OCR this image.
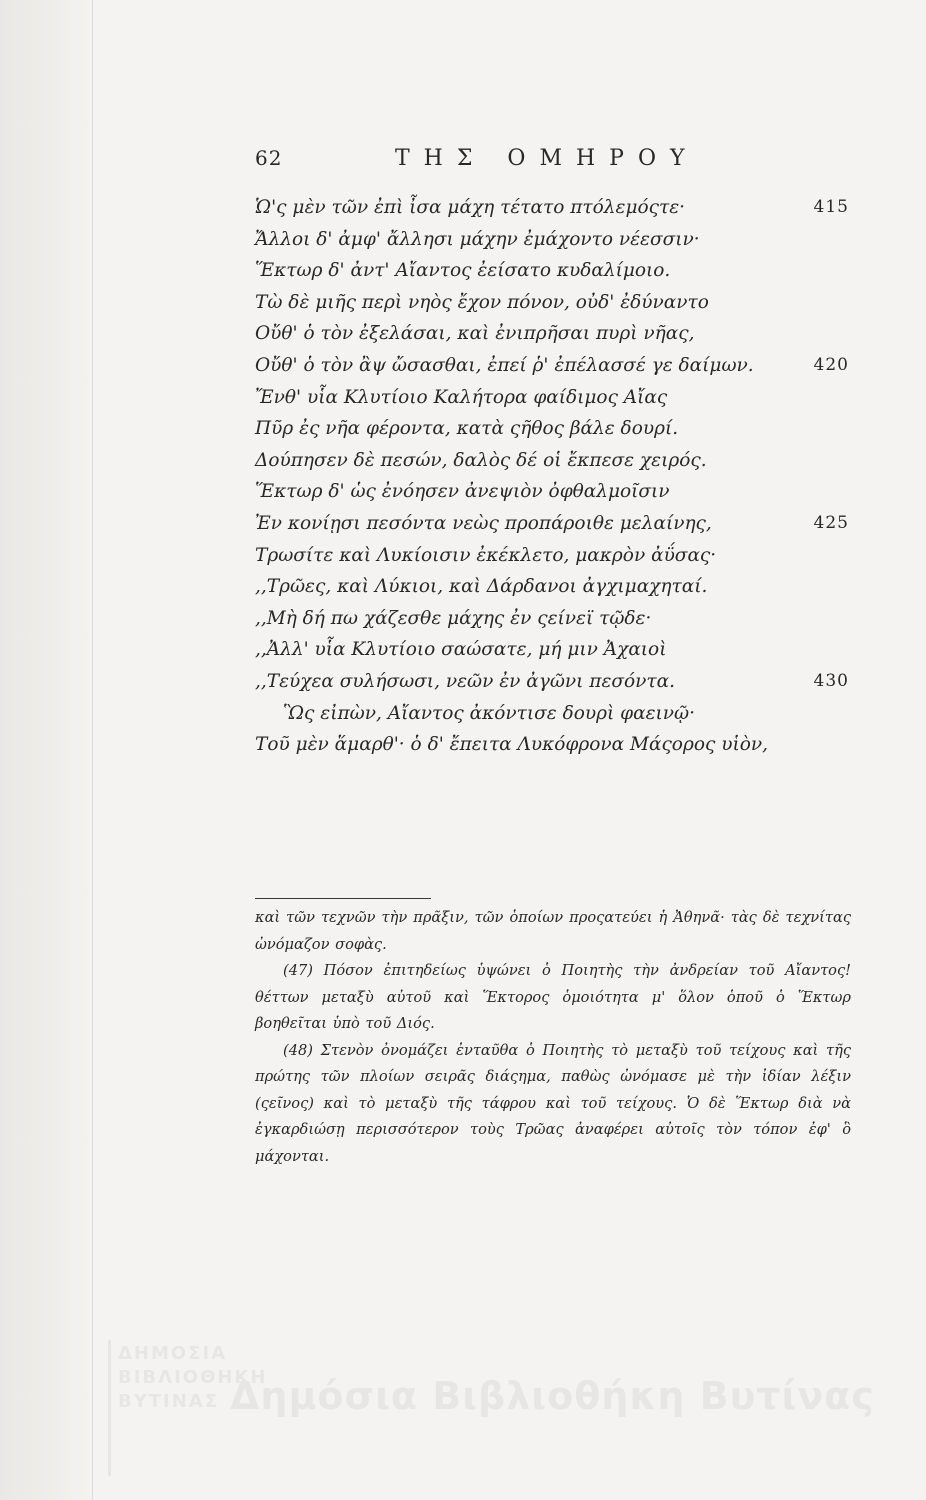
62	ΤΗΣ ΟΜΗΡΟΥ
Ὡ'ς μὲν τῶν ἐπὶ ἶσα μάχη τέτατο πτόλεμόςτε·	415
Ἄλλοι δ' ἀμφ' ἄλλησι μάχην ἐμάχοντο νέεσσιν·
Ἕκτωρ δ' ἀντ' Αἴαντος ἐείσατο κυδαλίμοιο.
Τὼ δὲ μιῆς περὶ νηὸς ἔχον πόνον, οὐδ' ἐδύναντο
Οὔθ' ὁ τὸν ἐξελάσαι, καὶ ἐνιπρῆσαι πυρὶ νῆας,
Οὔθ' ὁ τὸν ἂψ ὤσασθαι, ἐπεί ῥ' ἐπέλασσέ γε δαίμων.	420
Ἔνθ' υἷα Κλυτίοιο Καλήτορα φαίδιμος Αἴας
Πῦρ ἐς νῆα φέροντα, κατὰ ςῆθος βάλε δουρί.
Δούπησεν δὲ πεσών, δαλὸς δέ οἱ ἔκπεσε χειρός.
Ἕκτωρ δ' ὡς ἐνόησεν ἀνεψιὸν ὀφθαλμοῖσιν
Ἐν κονίῃσι πεσόντα νεὼς προπάροιθε μελαίνης,	425
Τρωσίτε καὶ Λυκίοισιν ἐκέκλετο, μακρὸν ἀΰσας·
,,Τρῶες, καὶ Λύκιοι, καὶ Δάρδανοι ἀγχιμαχηταί.
,,Μὴ δή πω χάζεσθε μάχης ἐν ςείνεϊ τῷδε·
,,Ἀλλ' υἷα Κλυτίοιο σαώσατε, μή μιν Ἀχαιοὶ
,,Τεύχεα συλήσωσι, νεῶν ἐν ἀγῶνι πεσόντα.	430
Ὣς εἰπὼν, Αἴαντος ἀκόντισε δουρὶ φαεινῷ·
Τοῦ μὲν ἅμαρθ'· ὁ δ' ἔπειτα Λυκόφρονα Μάςορος υἱὸν,

καὶ τῶν τεχνῶν τὴν πρᾶξιν, τῶν ὁποίων προςατεύει ἡ Ἀθηνᾶ· τὰς δὲ τεχνίτας ὠνόμαζον σοφὰς.

(47) Πόσον ἐπιτηδείως ὑψώνει ὁ Ποιητὴς τὴν ἀνδρείαν τοῦ Αἴαντος! θέττων μεταξὺ αὐτοῦ καὶ Ἕκτορος ὁμοιότητα μ' ὅλον ὁποῦ ὁ Ἕκτωρ βοηθεῖται ὑπὸ τοῦ Διός.

(48) Στενὸν ὀνομάζει ἐνταῦθα ὁ Ποιητὴς τὸ μεταξὺ τοῦ τείχους καὶ τῆς πρώτης τῶν πλοίων σειρᾶς διάςημα, παθὼς ὠνόμασε μὲ τὴν ἰδίαν λέξιν (ςεῖνος) καὶ τὸ μεταξὺ τῆς τάφρου καὶ τοῦ τείχους. Ὁ δὲ Ἕκτωρ διὰ νὰ ἐγκαρδιώσῃ περισσότερον τοὺς Τρῶας ἀναφέρει αὐτοῖς τὸν τόπον ἐφ' ὃ μάχονται.

ΔΗΜΟΣΙΑ
ΒΙΒΛΙΟΘΗΚΗ
ΒΥΤΙΝΑΣ Δημόσια Βιβλιοθήκη Βυτίνας
